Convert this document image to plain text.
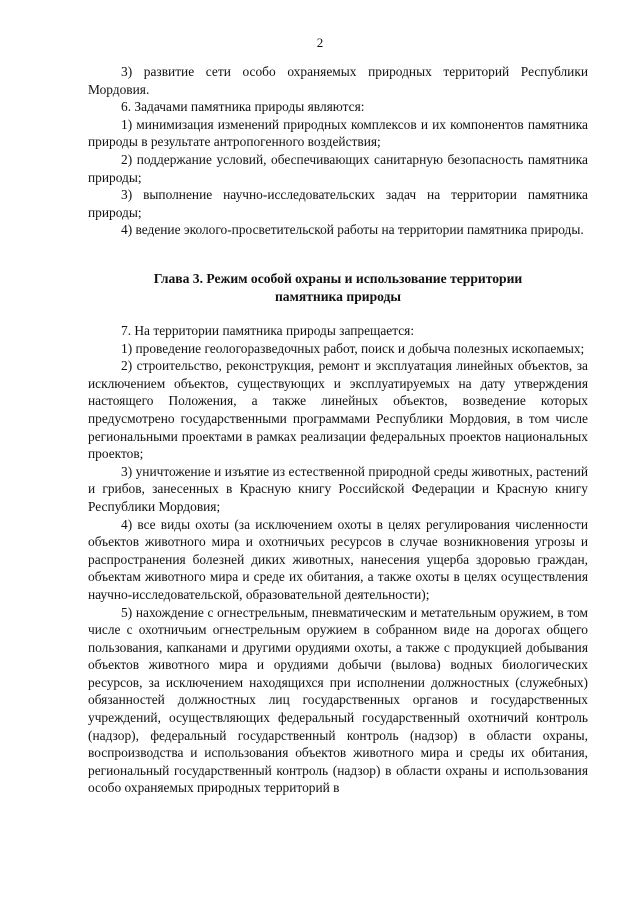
2

3) развитие сети особо охраняемых природных территорий Республики Мордовия.

6. Задачами памятника природы являются:

1) минимизация изменений природных комплексов и их компонентов памятника природы в результате антропогенного воздействия;

2) поддержание условий, обеспечивающих санитарную безопасность памятника природы;

3) выполнение научно-исследовательских задач на территории памятника природы;

4) ведение эколого-просветительской работы на территории памятника природы.

Глава 3. Режим особой охраны и использование территории
памятника природы

7. На территории памятника природы запрещается:

1) проведение геологоразведочных работ, поиск и добыча полезных ископаемых;

2) строительство, реконструкция, ремонт и эксплуатация линейных объектов, за исключением объектов, существующих и эксплуатируемых на дату утверждения настоящего Положения, а также линейных объектов, возведение которых предусмотрено государственными программами Республики Мордовия, в том числе региональными проектами в рамках реализации федеральных проектов национальных проектов;

3) уничтожение и изъятие из естественной природной среды животных, растений и грибов, занесенных в Красную книгу Российской Федерации и Красную книгу Республики Мордовия;

4) все виды охоты (за исключением охоты в целях регулирования численности объектов животного мира и охотничьих ресурсов в случае возникновения угрозы и распространения болезней диких животных, нанесения ущерба здоровью граждан, объектам животного мира и среде их обитания, а также охоты в целях осуществления научно-исследовательской, образовательной деятельности);

5) нахождение с огнестрельным, пневматическим и метательным оружием, в том числе с охотничьим огнестрельным оружием в собранном виде на дорогах общего пользования, капканами и другими орудиями охоты, а также с продукцией добывания объектов животного мира и орудиями добычи (вылова) водных биологических ресурсов, за исключением находящихся при исполнении должностных (служебных) обязанностей должностных лиц государственных органов и государственных учреждений, осуществляющих федеральный государственный охотничий контроль (надзор), федеральный государственный контроль (надзор) в области охраны, воспроизводства и использования объектов животного мира и среды их обитания, региональный государственный контроль (надзор) в области охраны и использования особо охраняемых природных территорий в
